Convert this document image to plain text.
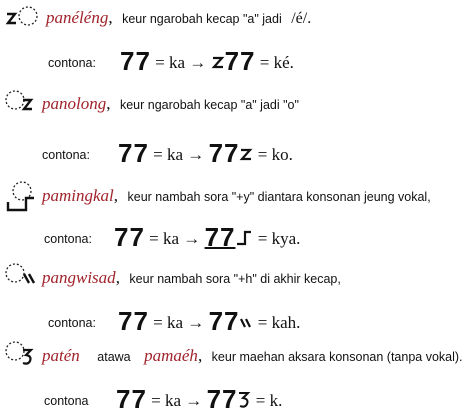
panéléng, keur ngarobah kecap "a" jadi /é/.
contona: 77 = ka → 77 = ké.
panolong, keur ngarobah kecap "a" jadi "o"
contona: 77 = ka → 77 = ko.
pamingkal, keur nambah sora "+y" diantara konsonan jeung vokal,
contona: 77 = ka → 77 = kya.
pangwisad, keur nambah sora "+h" di akhir kecap,
contona: 77 = ka → 77 = kah.
patén atawa pamaéh, keur maehan aksara konsonan (tanpa vokal).
contona 77 = ka → 77 = k.
